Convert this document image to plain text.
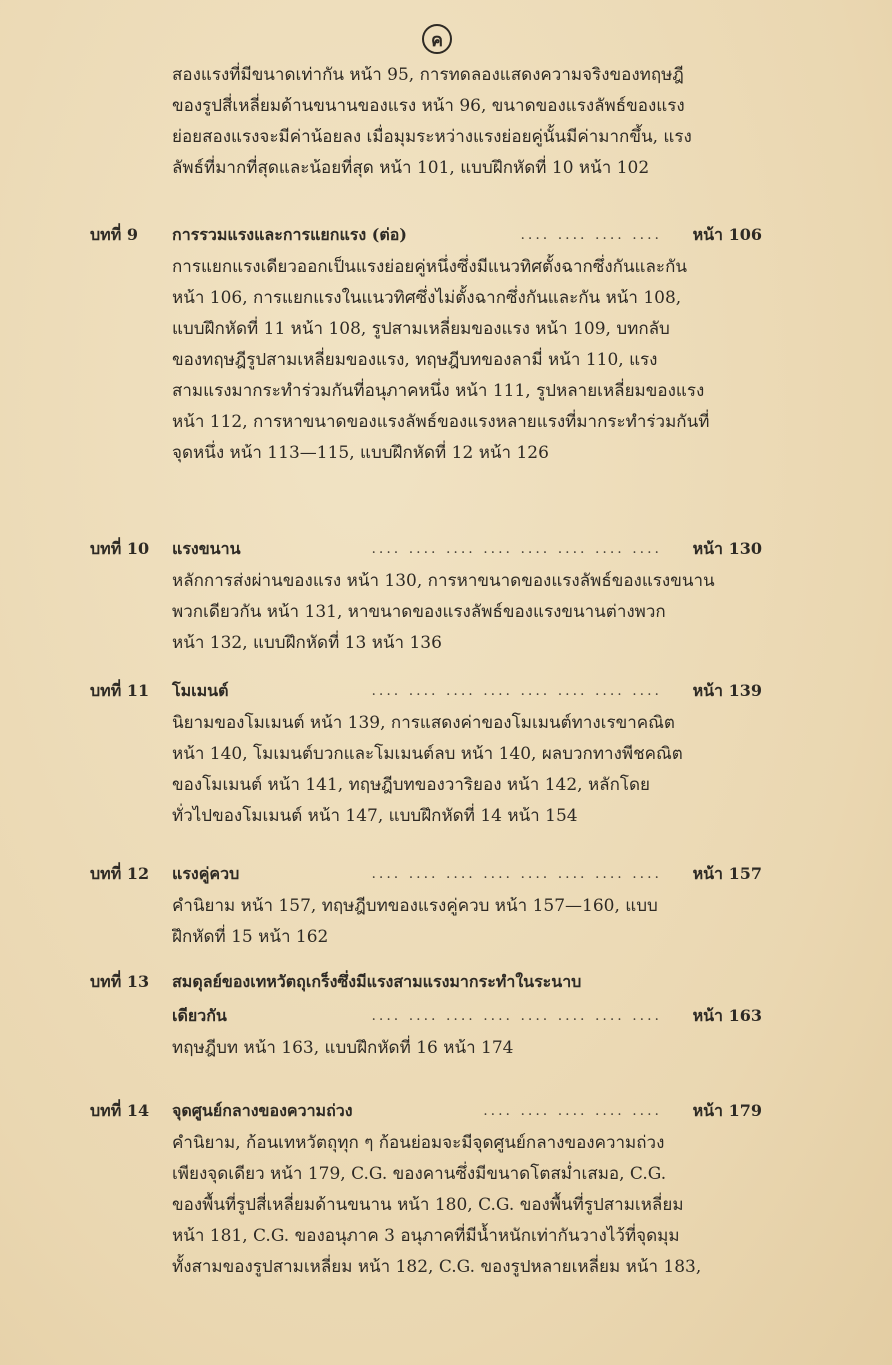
ค
สองแรงที่มีขนาดเท่ากัน หน้า 95, การทดลองแสดงความจริงของทฤษฎี
ของรูปสี่เหลี่ยมด้านขนานของแรง หน้า 96, ขนาดของแรงลัพธ์ของแรง
ย่อยสองแรงจะมีค่าน้อยลง เมื่อมุมระหว่างแรงย่อยคู่นั้นมีค่ามากขึ้น, แรง
ลัพธ์ที่มากที่สุดและน้อยที่สุด หน้า 101, แบบฝึกหัดที่ 10 หน้า 102
บทที่ 9 การรวมแรงและการแยกแรง (ต่อ)	.... .... .... .... หน้า 106
การแยกแรงเดียวออกเป็นแรงย่อยคู่หนึ่งซึ่งมีแนวทิศตั้งฉากซึ่งกันและกัน
หน้า 106, การแยกแรงในแนวทิศซึ่งไม่ตั้งฉากซึ่งกันและกัน หน้า 108,
แบบฝึกหัดที่ 11 หน้า 108, รูปสามเหลี่ยมของแรง หน้า 109, บทกลับ
ของทฤษฎีรูปสามเหลี่ยมของแรง, ทฤษฎีบทของลามี่ หน้า 110, แรง
สามแรงมากระทำร่วมกันที่อนุภาคหนึ่ง หน้า 111, รูปหลายเหลี่ยมของแรง
หน้า 112, การหาขนาดของแรงลัพธ์ของแรงหลายแรงที่มากระทำร่วมกันที่
จุดหนึ่ง หน้า 113—115, แบบฝึกหัดที่ 12 หน้า 126
บทที่ 10 แรงขนาน	.... .... .... .... .... .... .... .... หน้า 130
หลักการส่งผ่านของแรง หน้า 130, การหาขนาดของแรงลัพธ์ของแรงขนาน
พวกเดียวกัน หน้า 131, หาขนาดของแรงลัพธ์ของแรงขนานต่างพวก
หน้า 132, แบบฝึกหัดที่ 13 หน้า 136
บทที่ 11 โมเมนต์	.... .... .... .... .... .... .... .... หน้า 139
นิยามของโมเมนต์ หน้า 139, การแสดงค่าของโมเมนต์ทางเรขาคณิต
หน้า 140, โมเมนต์บวกและโมเมนต์ลบ หน้า 140, ผลบวกทางพีชคณิต
ของโมเมนต์ หน้า 141, ทฤษฎีบทของวาริยอง หน้า 142, หลักโดย
ทั่วไปของโมเมนต์ หน้า 147, แบบฝึกหัดที่ 14 หน้า 154
บทที่ 12 แรงคู่ควบ	.... .... .... .... .... .... .... .... หน้า 157
คำนิยาม หน้า 157, ทฤษฎีบทของแรงคู่ควบ หน้า 157—160, แบบ
ฝึกหัดที่ 15 หน้า 162
บทที่ 13 สมดุลย์ของเทหวัตถุเกร็งซึ่งมีแรงสามแรงมากระทำในระนาบ
เดียวกัน	.... .... .... .... .... .... .... .... หน้า 163
ทฤษฎีบท หน้า 163, แบบฝึกหัดที่ 16 หน้า 174
บทที่ 14 จุดศูนย์กลางของความถ่วง	.... .... .... .... .... หน้า 179
คำนิยาม, ก้อนเทหวัตถุทุก ๆ ก้อนย่อมจะมีจุดศูนย์กลางของความถ่วง
เพียงจุดเดียว หน้า 179, C.G. ของคานซึ่งมีขนาดโตสม่ำเสมอ, C.G.
ของพื้นที่รูปสี่เหลี่ยมด้านขนาน หน้า 180, C.G. ของพื้นที่รูปสามเหลี่ยม
หน้า 181, C.G. ของอนุภาค 3 อนุภาคที่มีน้ำหนักเท่ากันวางไว้ที่จุดมุม
ทั้งสามของรูปสามเหลี่ยม หน้า 182, C.G. ของรูปหลายเหลี่ยม หน้า 183,
